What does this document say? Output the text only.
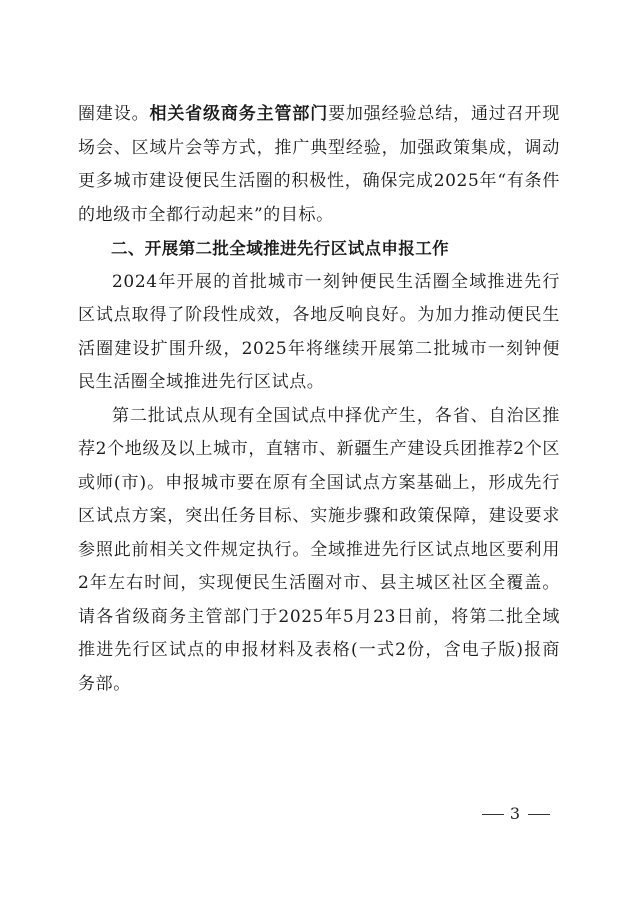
圈建设。相关省级商务主管部门要加强经验总结，通过召开现场会、区域片会等方式，推广典型经验，加强政策集成，调动更多城市建设便民生活圈的积极性，确保完成2025年“有条件的地级市全都行动起来”的目标。

二、开展第二批全域推进先行区试点申报工作

2024年开展的首批城市一刻钟便民生活圈全域推进先行区试点取得了阶段性成效，各地反响良好。为加力推动便民生活圈建设扩围升级，2025年将继续开展第二批城市一刻钟便民生活圈全域推进先行区试点。

第二批试点从现有全国试点中择优产生，各省、自治区推荐2个地级及以上城市，直辖市、新疆生产建设兵团推荐2个区或师(市)。申报城市要在原有全国试点方案基础上，形成先行区试点方案，突出任务目标、实施步骤和政策保障，建设要求参照此前相关文件规定执行。全域推进先行区试点地区要利用2年左右时间，实现便民生活圈对市、县主城区社区全覆盖。请各省级商务主管部门于2025年5月23日前，将第二批全域推进先行区试点的申报材料及表格(一式2份，含电子版)报商务部。

3
